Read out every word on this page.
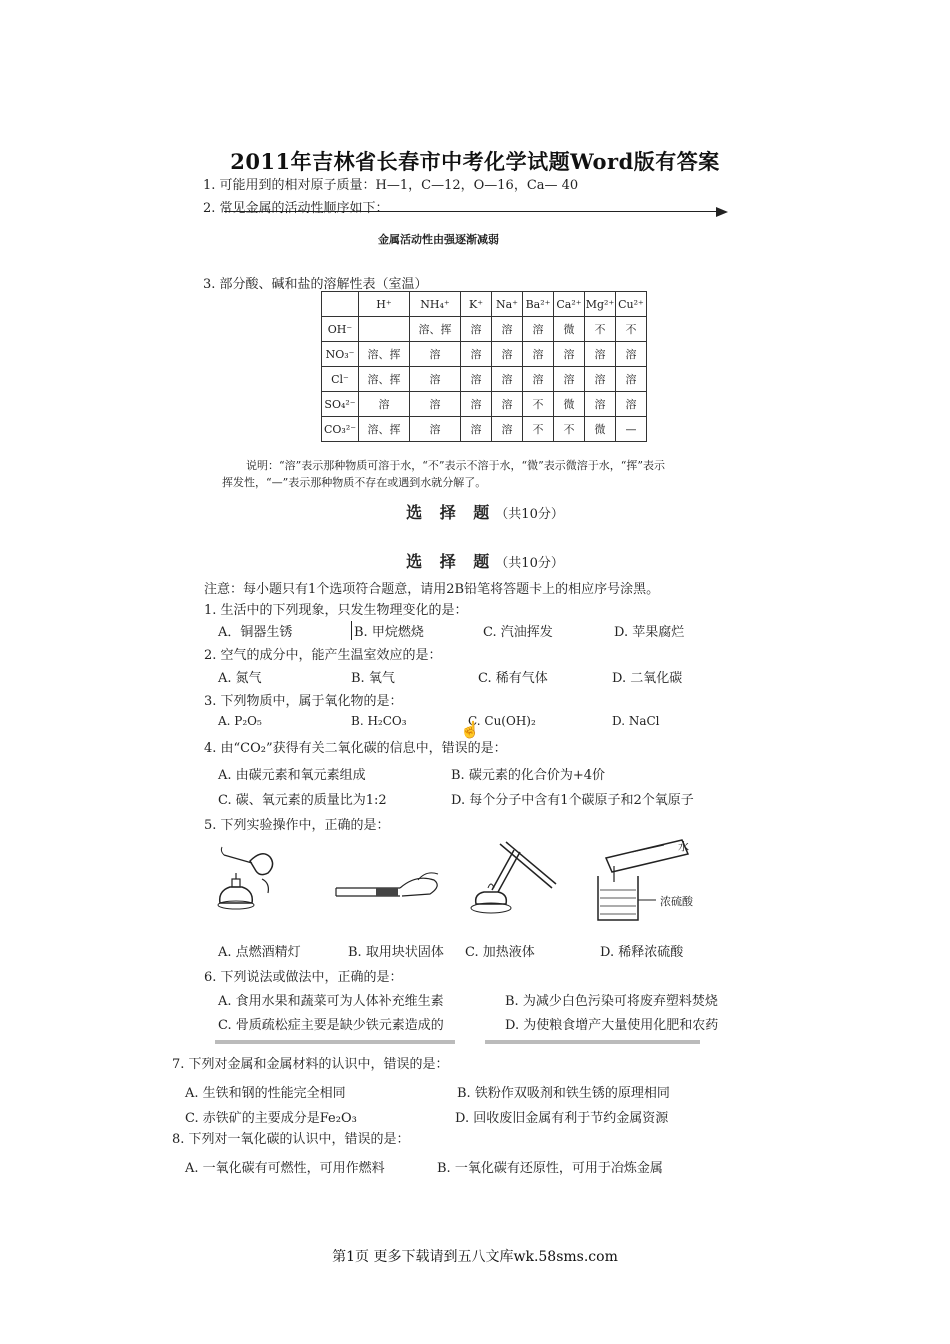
2011年吉林省长春市中考化学试题Word版有答案
1. 可能用到的相对原子质量：H—1，C—12，O—16，Ca— 40
2. 常见金属的活动性顺序如下：
金属活动性由强逐渐减弱
3. 部分酸、碱和盐的溶解性表（室温）
	H⁺	NH₄⁺	K⁺	Na⁺	Ba²⁺	Ca²⁺	Mg²⁺	Cu²⁺
OH⁻		溶、挥	溶	溶	溶	微	不	不
NO₃⁻	溶、挥	溶	溶	溶	溶	溶	溶	溶
Cl⁻	溶、挥	溶	溶	溶	溶	溶	溶	溶
SO₄²⁻	溶	溶	溶	溶	不	微	溶	溶
CO₃²⁻	溶、挥	溶	溶	溶	不	不	微	—
说明：“溶”表示那种物质可溶于水，“不”表示不溶于水，“微”表示微溶于水，“挥”表示
挥发性，“—”表示那种物质不存在或遇到水就分解了。
选 择 题（共10分）
选 择 题（共10分）
注意：每小题只有1个选项符合题意，请用2B铅笔将答题卡上的相应序号涂黑。
1. 生活中的下列现象，只发生物理变化的是：
A．铜器生锈	B. 甲烷燃烧	C. 汽油挥发	D. 苹果腐烂
2. 空气的成分中，能产生温室效应的是：
A. 氮气	B. 氧气	C. 稀有气体	D. 二氧化碳
3. 下列物质中，属于氧化物的是：
A. P₂O₅	B. H₂CO₃	C. Cu(OH)₂	D. NaCl
☝
4. 由“CO₂”获得有关二氧化碳的信息中，错误的是：
A. 由碳元素和氧元素组成	B. 碳元素的化合价为+4价
C. 碳、氧元素的质量比为1:2	D. 每个分子中含有1个碳原子和2个氧原子
5. 下列实验操作中，正确的是：
水
浓硫酸
A. 点燃酒精灯	B. 取用块状固体 C. 加热液体	D. 稀释浓硫酸
6. 下列说法或做法中，正确的是：
A. 食用水果和蔬菜可为人体补充维生素	B. 为减少白色污染可将废弃塑料焚烧
C. 骨质疏松症主要是缺少铁元素造成的	D. 为使粮食增产大量使用化肥和农药
7. 下列对金属和金属材料的认识中，错误的是：
A. 生铁和钢的性能完全相同	B. 铁粉作双吸剂和铁生锈的原理相同
C. 赤铁矿的主要成分是Fe₂O₃	D. 回收废旧金属有利于节约金属资源
8. 下列对一氧化碳的认识中，错误的是：
A. 一氧化碳有可燃性，可用作燃料	B. 一氧化碳有还原性，可用于冶炼金属
第1页 更多下载请到五八文库wk.58sms.com
